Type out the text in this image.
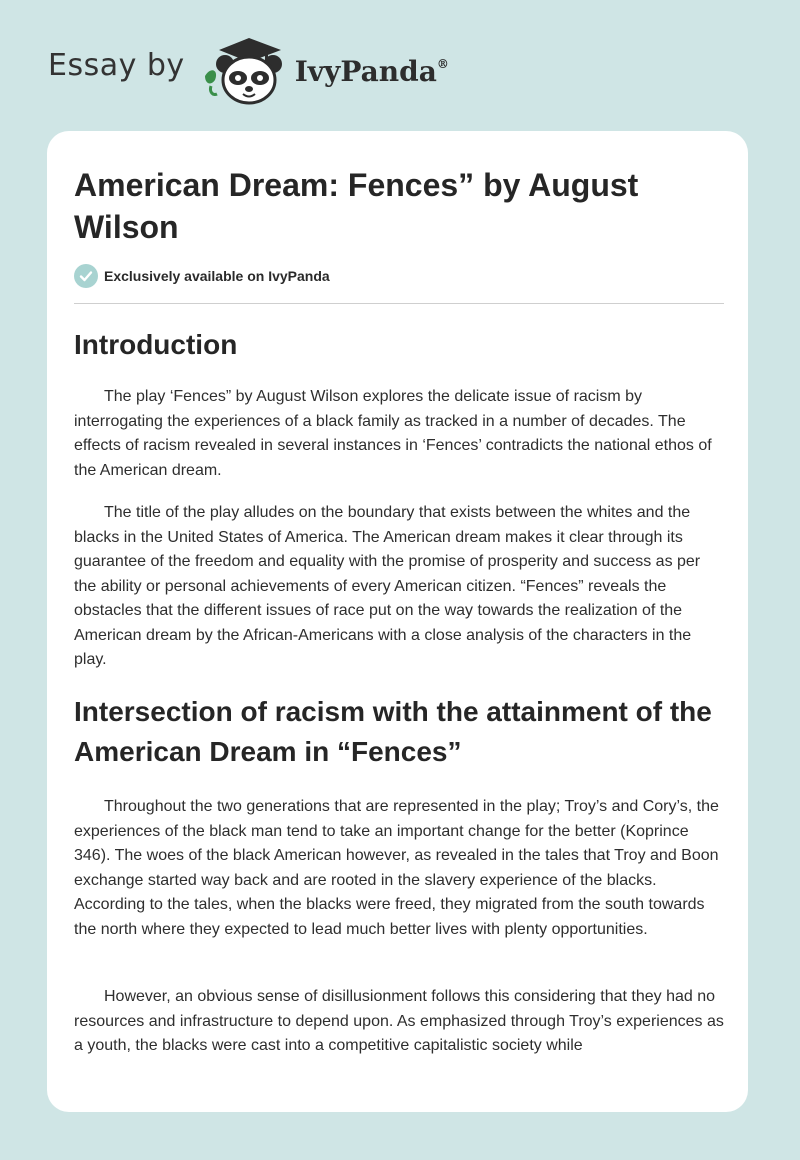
Essay by	IvyPanda®
American Dream: Fences” by August Wilson
Exclusively available on IvyPanda
Introduction

The play ‘Fences” by August Wilson explores the delicate issue of racism by interrogating the experiences of a black family as tracked in a number of decades. The effects of racism revealed in several instances in ‘Fences’ contradicts the national ethos of the American dream.

The title of the play alludes on the boundary that exists between the whites and the blacks in the United States of America. The American dream makes it clear through its guarantee of the freedom and equality with the promise of prosperity and success as per the ability or personal achievements of every American citizen. “Fences” reveals the obstacles that the different issues of race put on the way towards the realization of the American dream by the African-Americans with a close analysis of the characters in the play.

Intersection of racism with the attainment of the American Dream in “Fences”

Throughout the two generations that are represented in the play; Troy’s and Cory’s, the experiences of the black man tend to take an important change for the better (Koprince 346). The woes of the black American however, as revealed in the tales that Troy and Boon exchange started way back and are rooted in the slavery experience of the blacks. According to the tales, when the blacks were freed, they migrated from the south towards the north where they expected to lead much better lives with plenty opportunities.

However, an obvious sense of disillusionment follows this considering that they had no resources and infrastructure to depend upon. As emphasized through Troy’s experiences as a youth, the blacks were cast into a competitive capitalistic society while
